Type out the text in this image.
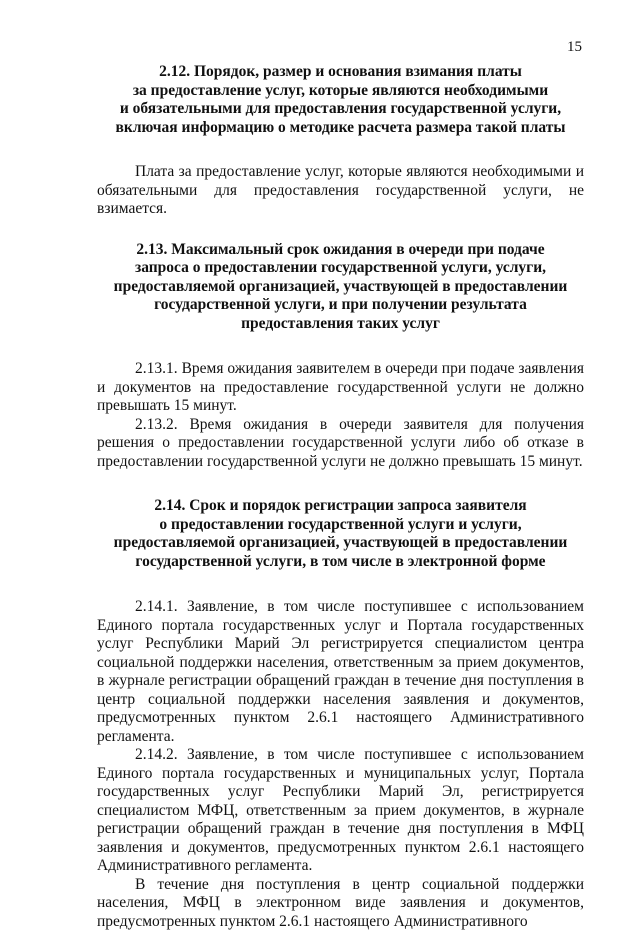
15
2.12. Порядок, размер и основания взимания платы
за предоставление услуг, которые являются необходимыми
и обязательными для предоставления государственной услуги,
включая информацию о методике расчета размера такой платы

Плата за предоставление услуг, которые являются необходимыми и обязательными для предоставления государственной услуги, не взимается.

2.13. Максимальный срок ожидания в очереди при подаче
запроса о предоставлении государственной услуги, услуги,
предоставляемой организацией, участвующей в предоставлении
государственной услуги, и при получении результата
предоставления таких услуг

2.13.1. Время ожидания заявителем в очереди при подаче заявления и документов на предоставление государственной услуги не должно превышать 15 минут.

2.13.2. Время ожидания в очереди заявителя для получения решения о предоставлении государственной услуги либо об отказе в предоставлении государственной услуги не должно превышать 15 минут.

2.14. Срок и порядок регистрации запроса заявителя
о предоставлении государственной услуги и услуги,
предоставляемой организацией, участвующей в предоставлении
государственной услуги, в том числе в электронной форме

2.14.1. Заявление, в том числе поступившее с использованием Единого портала государственных услуг и Портала государственных услуг Республики Марий Эл регистрируется специалистом центра социальной поддержки населения, ответственным за прием документов, в журнале регистрации обращений граждан в течение дня поступления в центр социальной поддержки населения заявления и документов, предусмотренных пунктом 2.6.1 настоящего Административного регламента.

2.14.2. Заявление, в том числе поступившее с использованием Единого портала государственных и муниципальных услуг, Портала государственных услуг Республики Марий Эл, регистрируется специалистом МФЦ, ответственным за прием документов, в журнале регистрации обращений граждан в течение дня поступления в МФЦ заявления и документов, предусмотренных пунктом 2.6.1 настоящего Административного регламента.

В течение дня поступления в центр социальной поддержки населения, МФЦ в электронном виде заявления и документов, предусмотренных пунктом 2.6.1 настоящего Административного
